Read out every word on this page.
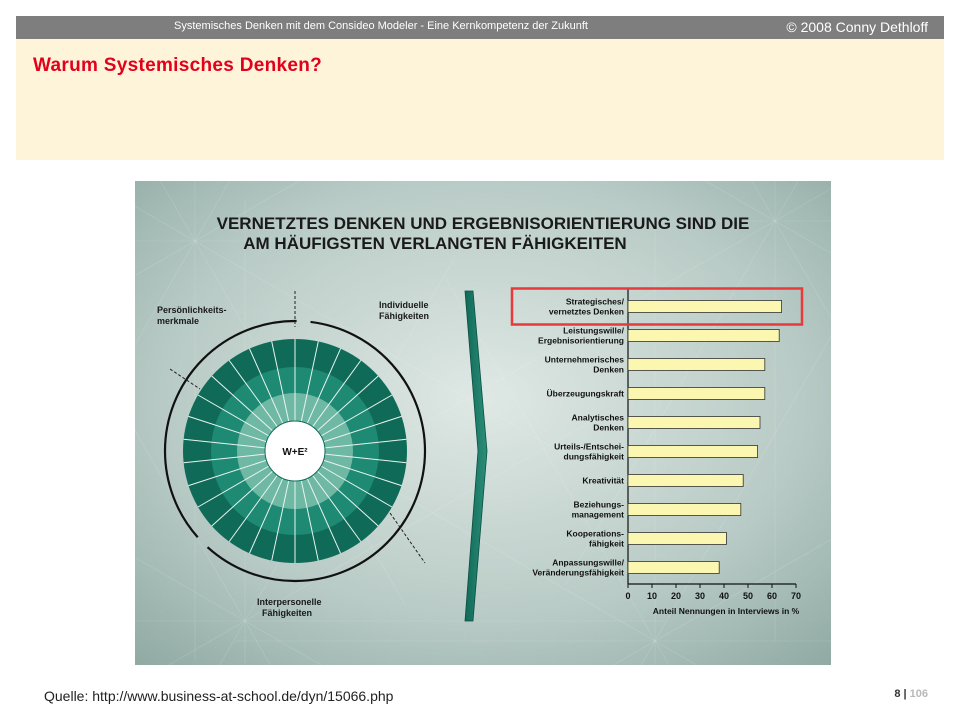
Systemisches Denken mit dem Consideo Modeler - Eine Kernkompetenz der Zukunft	© 2008 Conny Dethloff
Warum Systemisches Denken?
VERNETZTES DENKEN UND ERGEBNISORIENTIERUNG SIND DIE
AM HÄUFIGSTEN VERLANGTEN FÄHIGKEITEN
W+E²
Persönlichkeits-
merkmale
Individuelle
Fähigkeiten
Interpersonelle
Fähigkeiten
0 10 20 30 40 50 60 70
Anteil Nennungen in Interviews in %
Strategisches/
vernetztes Denken
Leistungswille/
Ergebnisorientierung
Unternehmerisches
Denken
Überzeugungskraft
Analytisches
Denken
Urteils-/Entschei-
dungsfähigkeit
Kreativität
Beziehungs-
management
Kooperations-
fähigkeit
Anpassungswille/
Veränderungsfähigkeit
Quelle: http://www.business-at-school.de/dyn/15066.php	8 | 106
